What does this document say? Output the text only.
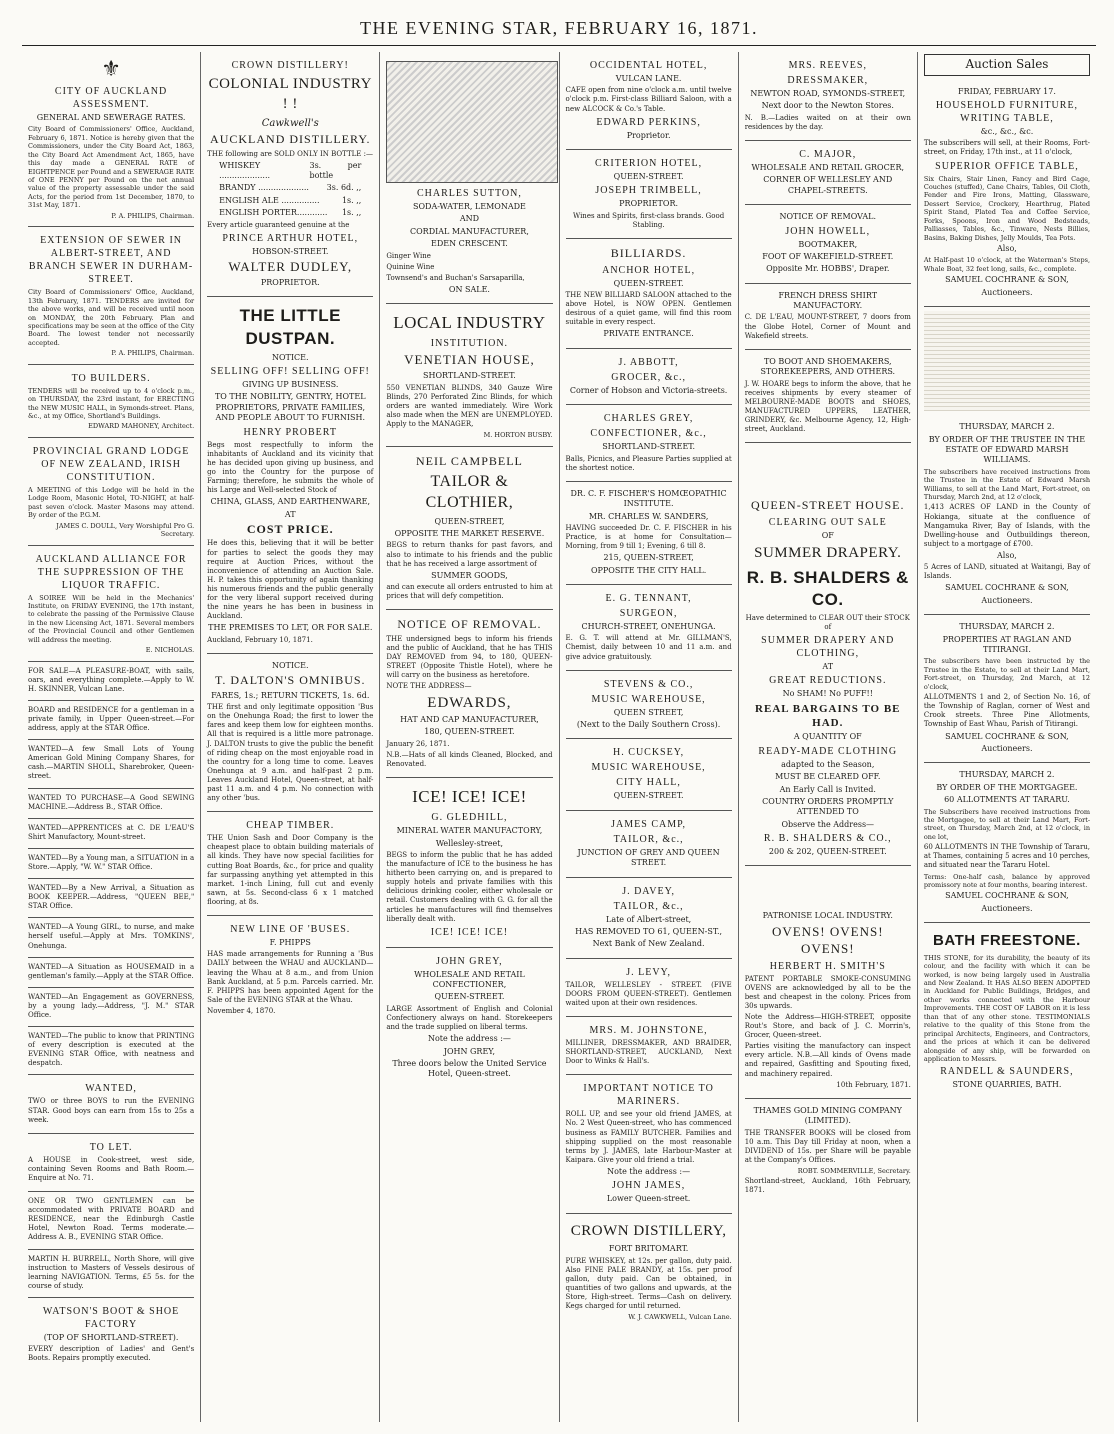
THE EVENING STAR, FEBRUARY 16, 1871.
⚜
CITY OF AUCKLAND ASSESSMENT.
GENERAL AND SEWERAGE RATES.

City Board of Commissioners' Office, Auckland, February 6, 1871. Notice is hereby given that the Commissioners, under the City Board Act, 1863, the City Board Act Amendment Act, 1865, have this day made a GENERAL RATE of EIGHTPENCE per Pound and a SEWERAGE RATE of ONE PENNY per Pound on the net annual value of the property assessable under the said Acts, for the period from 1st December, 1870, to 31st May, 1871.

P. A. PHILIPS, Chairman.
EXTENSION OF SEWER IN ALBERT-STREET, AND BRANCH SEWER IN DURHAM-STREET.

City Board of Commissioners' Office, Auckland, 13th February, 1871. TENDERS are invited for the above works, and will be received until noon on MONDAY, the 20th February. Plan and specifications may be seen at the office of the City Board. The lowest tender not necessarily accepted.

P. A. PHILIPS, Chairman.
TO BUILDERS.

TENDERS will be received up to 4 o'clock p.m., on THURSDAY, the 23rd instant, for ERECTING the NEW MUSIC HALL, in Symonds-street. Plans, &c., at my Office, Shortland's Buildings.

EDWARD MAHONEY, Architect.
PROVINCIAL GRAND LODGE OF NEW ZEALAND, IRISH CONSTITUTION.

A MEETING of this Lodge will be held in the Lodge Room, Masonic Hotel, TO-NIGHT, at half-past seven o'clock. Master Masons may attend. By order of the P.G.M.

JAMES C. DOULL, Very Worshipful Pro G. Secretary.
AUCKLAND ALLIANCE FOR THE SUPPRESSION OF THE LIQUOR TRAFFIC.

A SOIREE Will be held in the Mechanics' Institute, on FRIDAY EVENING, the 17th instant, to celebrate the passing of the Permissive Clause in the new Licensing Act, 1871. Several members of the Provincial Council and other Gentlemen will address the meeting.

E. NICHOLAS.
FOR SALE—A PLEASURE-BOAT, with sails, oars, and everything complete.—Apply to W. H. SKINNER, Vulcan Lane.
BOARD and RESIDENCE for a gentleman in a private family, in Upper Queen-street.—For address, apply at the STAR Office.
WANTED—A few Small Lots of Young American Gold Mining Company Shares, for cash.—MARTIN SHOLL, Sharebroker, Queen-street.
WANTED TO PURCHASE—A Good SEWING MACHINE.—Address B., STAR Office.
WANTED—APPRENTICES at C. DE L'EAU'S Shirt Manufactory, Mount-street.
WANTED—By a Young man, a SITUATION in a Store.—Apply, "W. W." STAR Office.
WANTED—By a New Arrival, a Situation as BOOK KEEPER.—Address, "QUEEN BEE," STAR Office.
WANTED—A Young GIRL, to nurse, and make herself useful.—Apply at Mrs. TOMKINS', Onehunga.
WANTED—A Situation as HOUSEMAID in a gentleman's family.—Apply at the STAR Office.
WANTED—An Engagement as GOVERNESS, by a young lady.—Address, "J. M." STAR Office.
WANTED—The public to know that PRINTING of every description is executed at the EVENING STAR Office, with neatness and despatch.
WANTED,

TWO or three BOYS to run the EVENING STAR. Good boys can earn from 15s to 25s a week.

TO LET.

A HOUSE in Cook-street, west side, containing Seven Rooms and Bath Room.—Enquire at No. 71.

ONE OR TWO GENTLEMEN can be accommodated with PRIVATE BOARD and RESIDENCE, near the Edinburgh Castle Hotel, Newton Road. Terms moderate.—Address A. B., EVENING STAR Office.
MARTIN H. BURRELL, North Shore, will give instruction to Masters of Vessels desirous of learning NAVIGATION. Terms, £5 5s. for the course of study.
WATSON'S BOOT & SHOE FACTORY
(TOP OF SHORTLAND-STREET).

EVERY description of Ladies' and Gent's Boots. Repairs promptly executed.

CROWN DISTILLERY!
COLONIAL INDUSTRY ! !
Cawkwell's
AUCKLAND DISTILLERY.

THE following are SOLD ONLY IN BOTTLE :—

WHISKEY ....................
3s. per bottle
BRANDY .................... 3s. 6d. ,,
ENGLISH ALE ...............	1s. ,,
ENGLISH PORTER............ 1s. ,,

Every article guaranteed genuine at the

PRINCE ARTHUR HOTEL,
HOBSON-STREET.
WALTER DUDLEY,
PROPRIETOR.
THE LITTLE DUSTPAN.
NOTICE.
SELLING OFF! SELLING OFF!
GIVING UP BUSINESS.
TO THE NOBILITY, GENTRY, HOTEL PROPRIETORS, PRIVATE FAMILIES, AND PEOPLE ABOUT TO FURNISH.
HENRY PROBERT

Begs most respectfully to inform the inhabitants of Auckland and its vicinity that he has decided upon giving up business, and go into the Country for the purpose of Farming; therefore, he submits the whole of his Large and Well-selected Stock of

CHINA, GLASS, AND EARTHENWARE,
AT
COST PRICE.

He does this, believing that it will be better for parties to select the goods they may require at Auction Prices, without the inconvenience of attending an Auction Sale. H. P. takes this opportunity of again thanking his numerous friends and the public generally for the very liberal support received during the nine years he has been in business in Auckland.

THE PREMISES TO LET, OR FOR SALE.

Auckland, February 10, 1871.

NOTICE.
T. DALTON'S OMNIBUS.
FARES, 1s.; RETURN TICKETS, 1s. 6d.

THE first and only legitimate opposition 'Bus on the Onehunga Road; the first to lower the fares and keep them low for eighteen months. All that is required is a little more patronage. J. DALTON trusts to give the public the benefit of riding cheap on the most enjoyable road in the country for a long time to come. Leaves Onehunga at 9 a.m. and half-past 2 p.m. Leaves Auckland Hotel, Queen-street, at half-past 11 a.m. and 4 p.m. No connection with any other 'bus.

CHEAP TIMBER.

THE Union Sash and Door Company is the cheapest place to obtain building materials of all kinds. They have now special facilities for cutting Boat Boards, &c., for price and quality far surpassing anything yet attempted in this market. 1-inch Lining, full cut and evenly sawn, at 5s. Second-class 6 x 1 matched flooring, at 8s.

NEW LINE OF 'BUSES.
F. PHIPPS

HAS made arrangements for Running a 'Bus DAILY between the WHAU and AUCKLAND—leaving the Whau at 8 a.m., and from Union Bank Auckland, at 5 p.m. Parcels carried. Mr. F. PHIPPS has been appointed Agent for the Sale of the EVENING STAR at the Whau.

November 4, 1870.

CHARLES SUTTON,
SODA-WATER, LEMONADE
AND
CORDIAL MANUFACTURER,
EDEN CRESCENT.

Ginger Wine

Quinine Wine

Townsend's and Buchan's Sarsaparilla,

ON SALE.
LOCAL INDUSTRY
INSTITUTION.
VENETIAN HOUSE,
SHORTLAND-STREET.

550 VENETIAN BLINDS, 340 Gauze Wire Blinds, 270 Perforated Zinc Blinds, for which orders are wanted immediately. Wire Work also made when the MEN are UNEMPLOYED. Apply to the MANAGER,

M. HORTON BUSBY.
NEIL CAMPBELL
TAILOR & CLOTHIER,
QUEEN-STREET,
OPPOSITE THE MARKET RESERVE.

BEGS to return thanks for past favors, and also to intimate to his friends and the public that he has received a large assortment of

SUMMER GOODS,

and can execute all orders entrusted to him at prices that will defy competition.

NOTICE OF REMOVAL.

THE undersigned begs to inform his friends and the public of Auckland, that he has THIS DAY REMOVED from 94, to 180, QUEEN-STREET (Opposite Thistle Hotel), where he will carry on the business as heretofore.

NOTE THE ADDRESS—

EDWARDS,
HAT AND CAP MANUFACTURER,
180, QUEEN-STREET.

January 26, 1871.

N.B.—Hats of all kinds Cleaned, Blocked, and Renovated.

ICE! ICE! ICE!
G. GLEDHILL,
MINERAL WATER MANUFACTORY,
Wellesley-street,

BEGS to inform the public that he has added the manufacture of ICE to the business he has hitherto been carrying on, and is prepared to supply hotels and private families with this delicious drinking cooler, either wholesale or retail. Customers dealing with G. G. for all the articles he manufactures will find themselves liberally dealt with.

ICE! ICE! ICE!
JOHN GREY,
WHOLESALE AND RETAIL CONFECTIONER,
QUEEN-STREET.

LARGE Assortment of English and Colonial Confectionery always on hand. Storekeepers and the trade supplied on liberal terms.

Note the address :—
JOHN GREY,
Three doors below the United Service Hotel, Queen-street.
OCCIDENTAL HOTEL,
VULCAN LANE.

CAFE open from nine o'clock a.m. until twelve o'clock p.m. First-class Billiard Saloon, with a new ALCOCK & Co.'s Table.

EDWARD PERKINS,
Proprietor.
CRITERION HOTEL,
QUEEN-STREET.
JOSEPH TRIMBELL,
PROPRIETOR.

Wines and Spirits, first-class brands. Good Stabling.

BILLIARDS.
ANCHOR HOTEL,
QUEEN-STREET.

THE NEW BILLIARD SALOON attached to the above Hotel, is NOW OPEN. Gentlemen desirous of a quiet game, will find this room suitable in every respect.

PRIVATE ENTRANCE.
J. ABBOTT,
GROCER, &c.,
Corner of Hobson and Victoria-streets.
CHARLES GREY,
CONFECTIONER, &c.,
SHORTLAND-STREET.

Balls, Picnics, and Pleasure Parties supplied at the shortest notice.

DR. C. F. FISCHER'S HOMŒOPATHIC INSTITUTE.
MR. CHARLES W. SANDERS,

HAVING succeeded Dr. C. F. FISCHER in his Practice, is at home for Consultation—Morning, from 9 till 1; Evening, 6 till 8.

215, QUEEN-STREET,
OPPOSITE THE CITY HALL.
E. G. TENNANT,
SURGEON,
CHURCH-STREET, ONEHUNGA.

E. G. T. will attend at Mr. GILLMAN'S, Chemist, daily between 10 and 11 a.m. and give advice gratuitously.

STEVENS & CO.,
MUSIC WAREHOUSE,
QUEEN STREET,
(Next to the Daily Southern Cross).
H. CUCKSEY,
MUSIC WAREHOUSE,
CITY HALL,
QUEEN-STREET.
JAMES CAMP,
TAILOR, &c.,
JUNCTION OF GREY AND QUEEN STREET.
J. DAVEY,
TAILOR, &c.,
Late of Albert-street,
HAS REMOVED TO 61, QUEEN-ST.,
Next Bank of New Zealand.
J. LEVY,

TAILOR, WELLESLEY - STREET. (FIVE DOORS FROM QUEEN-STREET). Gentlemen waited upon at their own residences.

MRS. M. JOHNSTONE,

MILLINER, DRESSMAKER, AND BRAIDER, SHORTLAND-STREET, AUCKLAND, Next Door to Winks & Hall's.

IMPORTANT NOTICE TO MARINERS.

ROLL UP, and see your old friend JAMES, at No. 2 West Queen-street, who has commenced business as FAMILY BUTCHER. Families and shipping supplied on the most reasonable terms by J. JAMES, late Harbour-Master at Kaipara. Give your old friend a trial.

Note the address :—
JOHN JAMES,
Lower Queen-street.
CROWN DISTILLERY,
FORT BRITOMART.

PURE WHISKEY, at 12s. per gallon, duty paid. Also FINE PALE BRANDY, at 15s. per proof gallon, duty paid. Can be obtained, in quantities of two gallons and upwards, at the Store, High-street. Terms—Cash on delivery. Kegs charged for until returned.

W. J. CAWKWELL, Vulcan Lane.
MRS. REEVES,
DRESSMAKER,
NEWTON ROAD, SYMONDS-STREET,
Next door to the Newton Stores.

N. B.—Ladies waited on at their own residences by the day.

C. MAJOR,
WHOLESALE AND RETAIL GROCER,
CORNER OF WELLESLEY AND CHAPEL-STREETS.
NOTICE OF REMOVAL.
JOHN HOWELL,
BOOTMAKER,
FOOT OF WAKEFIELD-STREET.
Opposite Mr. HOBBS', Draper.
FRENCH DRESS SHIRT MANUFACTORY.

C. DE L'EAU, MOUNT-STREET, 7 doors from the Globe Hotel, Corner of Mount and Wakefield streets.

TO BOOT AND SHOEMAKERS, STOREKEEPERS, AND OTHERS.

J. W. HOARE begs to inform the above, that he receives shipments by every steamer of MELBOURNE-MADE BOOTS and SHOES, MANUFACTURED UPPERS, LEATHER, GRINDERY, &c. Melbourne Agency, 12, High-street, Auckland.

QUEEN-STREET HOUSE.
CLEARING OUT SALE
OF
SUMMER DRAPERY.
R. B. SHALDERS & CO.

Have determined to CLEAR OUT their STOCK of

SUMMER DRAPERY AND CLOTHING,
AT
GREAT REDUCTIONS.
No SHAM! No PUFF!!
REAL BARGAINS TO BE HAD.
A QUANTITY OF
READY-MADE CLOTHING
adapted to the Season,
MUST BE CLEARED OFF.
An Early Call is Invited.
COUNTRY ORDERS PROMPTLY ATTENDED TO
Observe the Address—
R. B. SHALDERS & CO.,
200 & 202, QUEEN-STREET.
PATRONISE LOCAL INDUSTRY.
OVENS! OVENS! OVENS!
HERBERT H. SMITH'S

PATENT PORTABLE SMOKE-CONSUMING OVENS are acknowledged by all to be the best and cheapest in the colony. Prices from 30s upwards.

Note the Address—HIGH-STREET, opposite Rout's Store, and back of J. C. Morrin's, Grocer, Queen-street.

Parties visiting the manufactory can inspect every article. N.B.—All kinds of Ovens made and repaired, Gasfitting and Spouting fixed, and machinery repaired.

10th February, 1871.

THAMES GOLD MINING COMPANY (LIMITED).

THE TRANSFER BOOKS will be closed from 10 a.m. This Day till Friday at noon, when a DIVIDEND of 15s. per Share will be payable at the Company's Offices.

ROBT. SOMMERVILLE, Secretary.

Shortland-street, Auckland, 16th February, 1871.

Auction Sales
FRIDAY, FEBRUARY 17.
HOUSEHOLD FURNITURE, WRITING TABLE,
&c., &c., &c.

The subscribers will sell, at their Rooms, Fort-street, on Friday, 17th inst., at 11 o'clock,

SUPERIOR OFFICE TABLE,

Six Chairs, Stair Linen, Fancy and Bird Cage, Couches (stuffed), Cane Chairs, Tables, Oil Cloth, Fender and Fire Irons, Matting, Glassware, Dessert Service, Crockery, Hearthrug, Plated Spirit Stand, Plated Tea and Coffee Service, Forks, Spoons, Iron and Wood Bedsteads, Palliasses, Tables, &c., Tinware, Nests Billies, Basins, Baking Dishes, Jelly Moulds, Tea Pots.

Also,

At Half-past 10 o'clock, at the Waterman's Steps, Whale Boat, 32 feet long, sails, &c., complete.

SAMUEL COCHRANE & SON,
Auctioneers.
THURSDAY, MARCH 2.
BY ORDER OF THE TRUSTEE IN THE ESTATE OF EDWARD MARSH WILLIAMS.

The subscribers have received instructions from the Trustee in the Estate of Edward Marsh Williams, to sell at the Land Mart, Fort-street, on Thursday, March 2nd, at 12 o'clock,

1,413 ACRES OF LAND in the County of Hokianga, situate at the confluence of Mangamuka River, Bay of Islands, with the Dwelling-house and Outbuildings thereon, subject to a mortgage of £700.

Also,

5 Acres of LAND, situated at Waitangi, Bay of Islands.

SAMUEL COCHRANE & SON,
Auctioneers.
THURSDAY, MARCH 2.
PROPERTIES AT RAGLAN AND TITIRANGI.

The subscribers have been instructed by the Trustee in the Estate, to sell at their Land Mart, Fort-street, on Thursday, 2nd March, at 12 o'clock,

ALLOTMENTS 1 and 2, of Section No. 16, of the Township of Raglan, corner of West and Crook streets. Three Pine Allotments, Township of East Whau, Parish of Titirangi.

SAMUEL COCHRANE & SON,
Auctioneers.
THURSDAY, MARCH 2.
BY ORDER OF THE MORTGAGEE.
60 ALLOTMENTS AT TARARU.

The Subscribers have received instructions from the Mortgagee, to sell at their Land Mart, Fort-street, on Thursday, March 2nd, at 12 o'clock, in one lot,

60 ALLOTMENTS IN THE Township of Tararu, at Thames, containing 5 acres and 10 perches, and situated near the Tararu Hotel.

Terms: One-half cash, balance by approved promissory note at four months, bearing interest.

SAMUEL COCHRANE & SON,
Auctioneers.
BATH FREESTONE.

THIS STONE, for its durability, the beauty of its colour, and the facility with which it can be worked, is now being largely used in Australia and New Zealand. It HAS ALSO BEEN ADOPTED in Auckland for Public Buildings, Bridges, and other works connected with the Harbour Improvements. THE COST OF LABOR on it is less than that of any other stone. TESTIMONIALS relative to the quality of this Stone from the principal Architects, Engineers, and Contractors, and the prices at which it can be delivered alongside of any ship, will be forwarded on application to Messrs.

RANDELL & SAUNDERS,
STONE QUARRIES, BATH.
